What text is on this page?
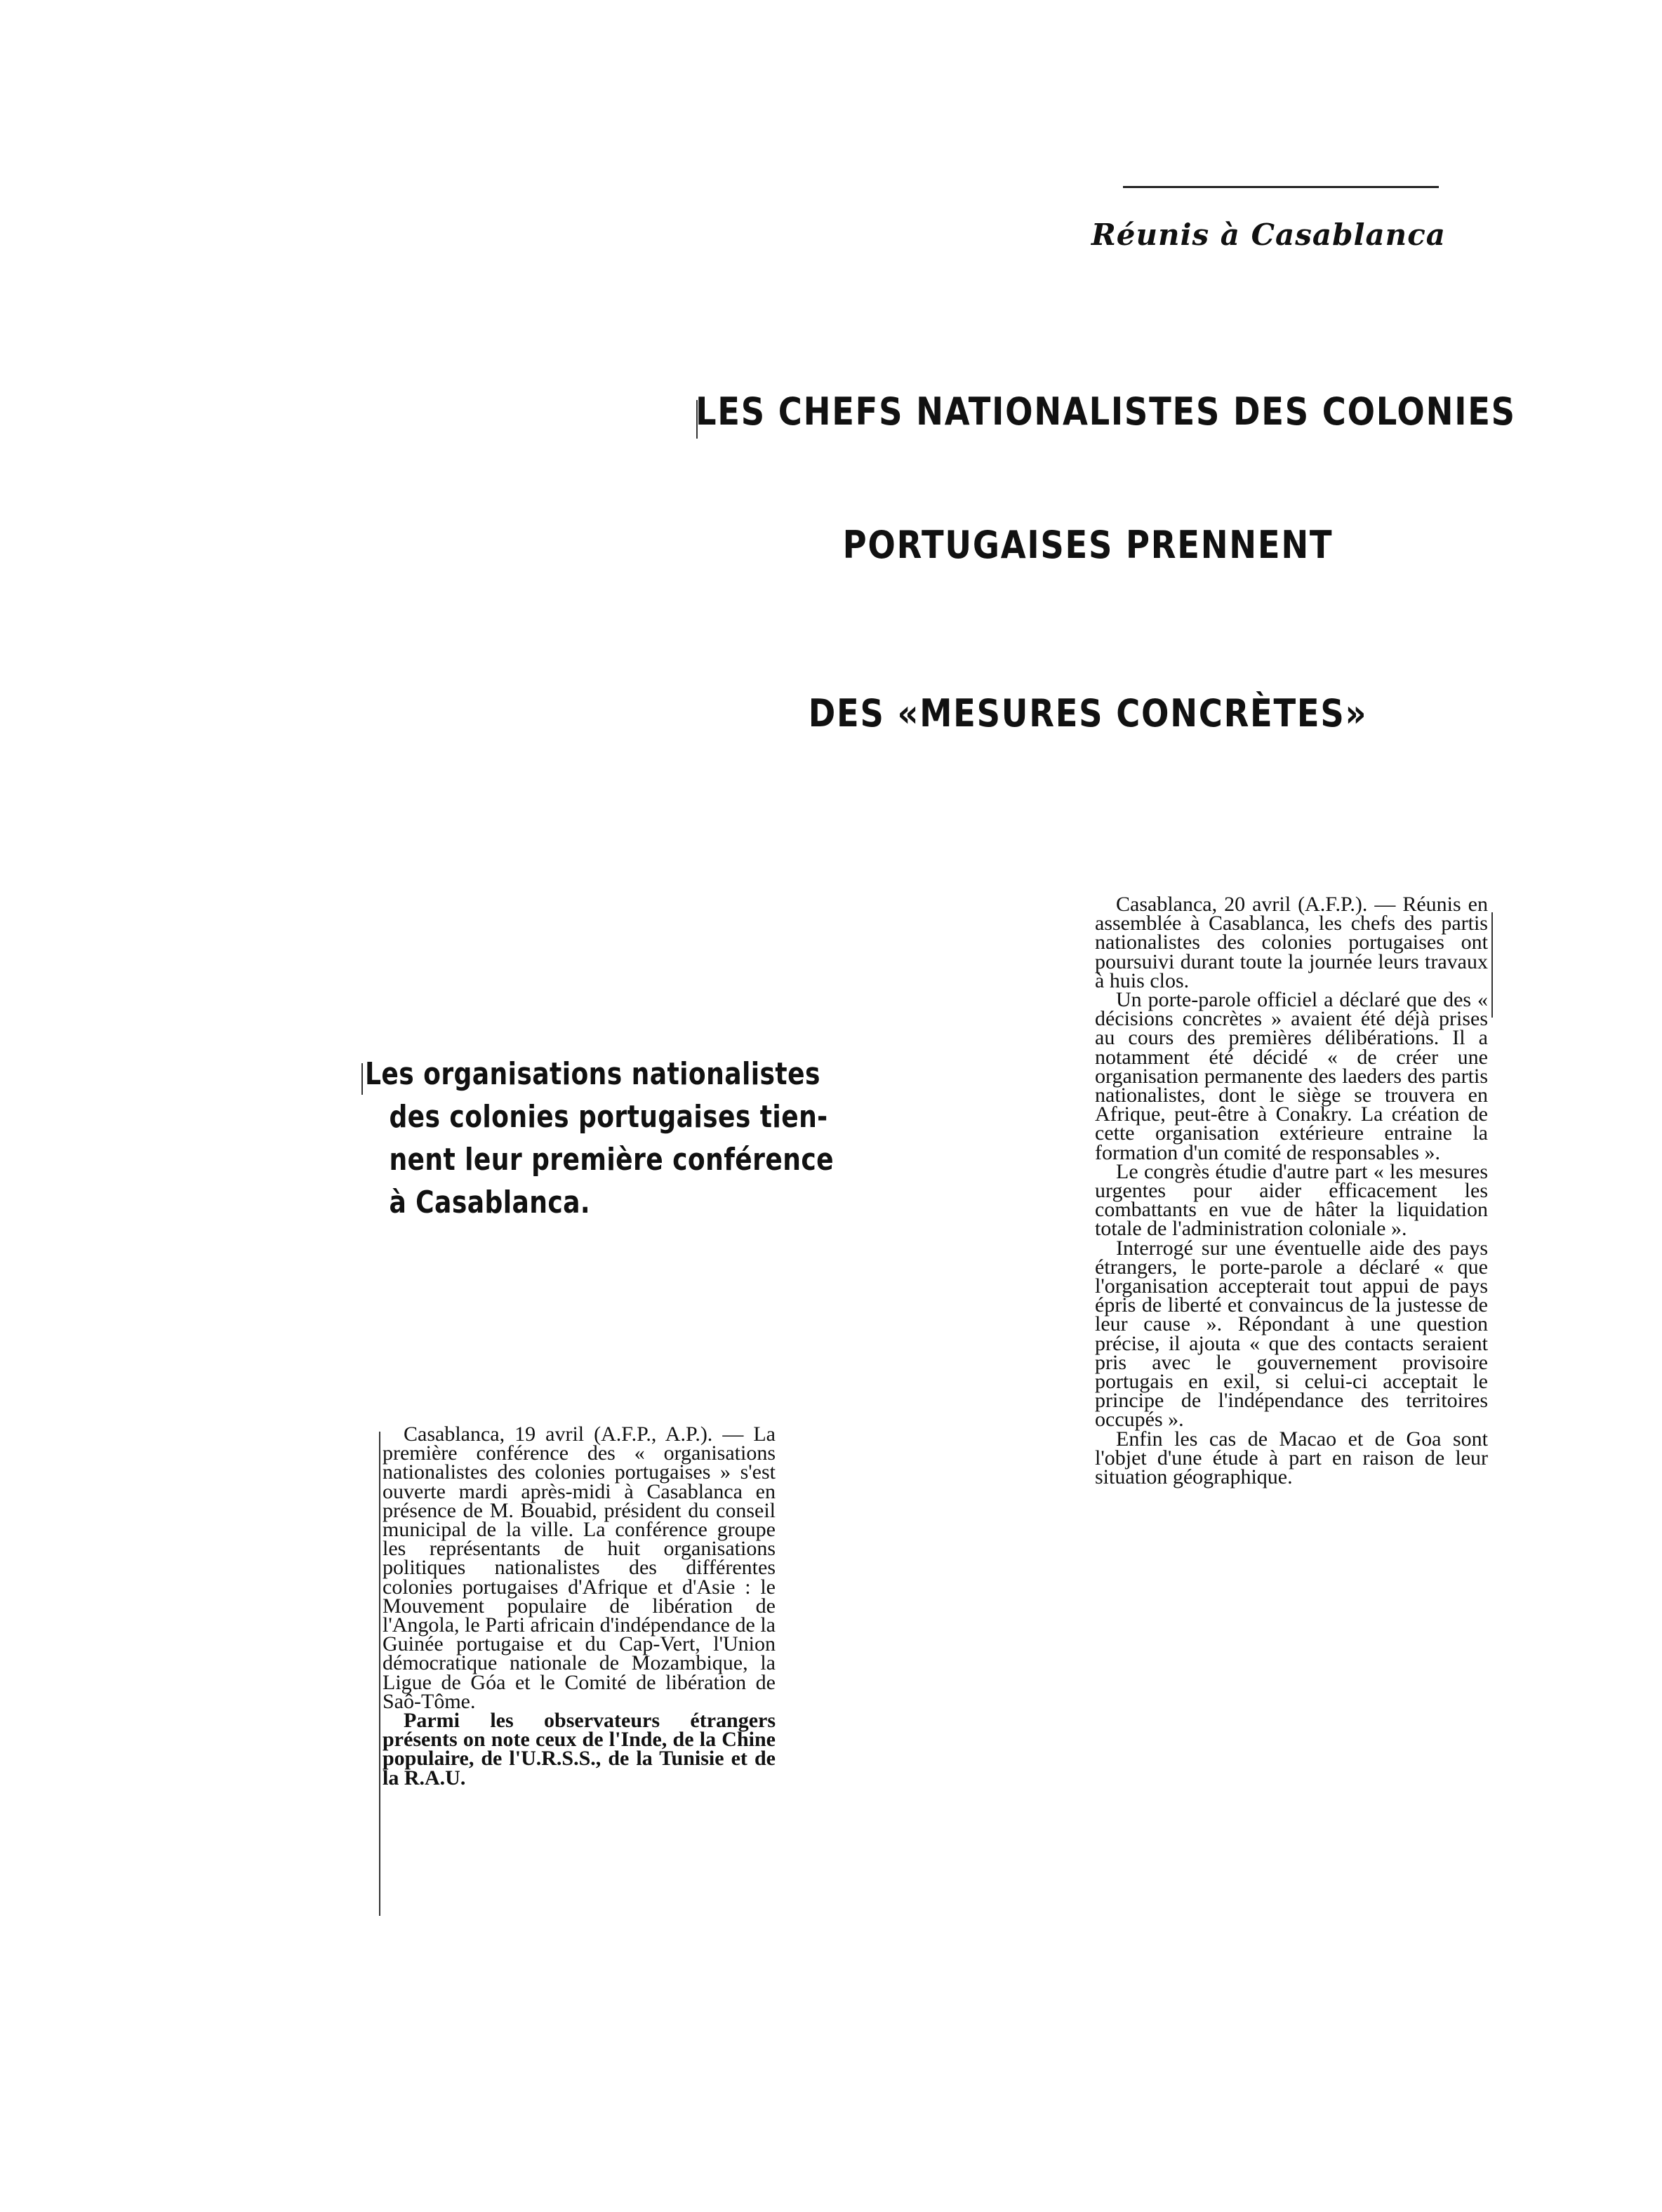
Réunis à Casablanca
LES CHEFS NATIONALISTES DES COLONIES
PORTUGAISES PRENNENT
DES «MESURES CONCRÈTES»
Les organisations nationalistes
des colonies portugaises tien-
nent leur première conférence
à Casablanca.

Casablanca, 19 avril (A.F.P., A.P.). — La première conférence des « organisations nationalistes des colonies portugaises » s'est ouverte mardi après-midi à Casablanca en présence de M. Bouabid, président du conseil municipal de la ville. La conférence groupe les représentants de huit organisations politiques nationalistes des différentes colonies portugaises d'Afrique et d'Asie : le Mouvement populaire de libération de l'Angola, le Parti africain d'indépendance de la Guinée portugaise et du Cap-Vert, l'Union démocratique nationale de Mozambique, la Ligue de Góa et le Comité de libération de Saô-Tôme.

Parmi les observateurs étrangers présents on note ceux de l'Inde, de la Chine populaire, de l'U.R.S.S., de la Tunisie et de la R.A.U.

Casablanca, 20 avril (A.F.P.). — Réunis en assemblée à Casablanca, les chefs des partis nationalistes des colonies portugaises ont poursuivi durant toute la journée leurs travaux à huis clos.

Un porte-parole officiel a déclaré que des « décisions concrètes » avaient été déjà prises au cours des premières délibérations. Il a notamment été décidé « de créer une organisation permanente des laeders des partis nationalistes, dont le siège se trouvera en Afrique, peut-être à Conakry. La création de cette organisation extérieure entraine la formation d'un comité de responsables ».

Le congrès étudie d'autre part « les mesures urgentes pour aider efficacement les combattants en vue de hâter la liquidation totale de l'administration coloniale ».

Interrogé sur une éventuelle aide des pays étrangers, le porte-parole a déclaré « que l'organisation accepterait tout appui de pays épris de liberté et convaincus de la justesse de leur cause ». Répondant à une question précise, il ajouta « que des contacts seraient pris avec le gouvernement provisoire portugais en exil, si celui-ci acceptait le principe de l'indépendance des territoires occupés ».

Enfin les cas de Macao et de Goa sont l'objet d'une étude à part en raison de leur situation géographique.
